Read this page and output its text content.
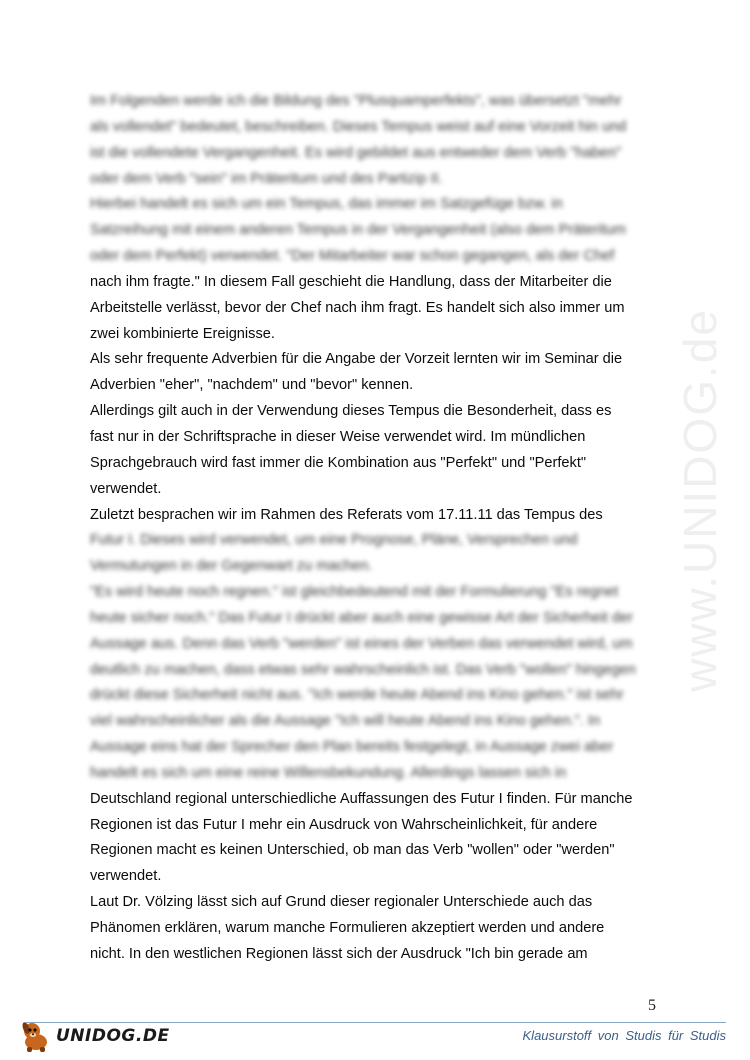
www.UNIDOG.de
Im Folgenden werde ich die Bildung des "Plusquamperfekts", was übersetzt "mehr
als vollendet" bedeutet, beschreiben. Dieses Tempus weist auf eine Vorzeit hin und
ist die vollendete Vergangenheit. Es wird gebildet aus entweder dem Verb "haben"
oder dem Verb "sein" im Präteritum und des Partizip II.
Hierbei handelt es sich um ein Tempus, das immer im Satzgefüge bzw. in
Satzreihung mit einem anderen Tempus in der Vergangenheit (also dem Präteritum
oder dem Perfekt) verwendet. "Der Mitarbeiter war schon gegangen, als der Chef
nach ihm fragte." In diesem Fall geschieht die Handlung, dass der Mitarbeiter die
Arbeitstelle verlässt, bevor der Chef nach ihm fragt. Es handelt sich also immer um
zwei kombinierte Ereignisse.
Als sehr frequente Adverbien für die Angabe der Vorzeit lernten wir im Seminar die
Adverbien "eher", "nachdem" und "bevor" kennen.
Allerdings gilt auch in der Verwendung dieses Tempus die Besonderheit, dass es
fast nur in der Schriftsprache in dieser Weise verwendet wird. Im mündlichen
Sprachgebrauch wird fast immer die Kombination aus "Perfekt" und "Perfekt"
verwendet.
Zuletzt besprachen wir im Rahmen des Referats vom 17.11.11 das Tempus des
Futur I. Dieses wird verwendet, um eine Prognose, Pläne, Versprechen und
Vermutungen in der Gegenwart zu machen.
"Es wird heute noch regnen." ist gleichbedeutend mit der Formulierung "Es regnet
heute sicher noch." Das Futur I drückt aber auch eine gewisse Art der Sicherheit der
Aussage aus. Denn das Verb "werden" ist eines der Verben das verwendet wird, um
deutlich zu machen, dass etwas sehr wahrscheinlich ist. Das Verb "wollen" hingegen
drückt diese Sicherheit nicht aus. "Ich werde heute Abend ins Kino gehen." ist sehr
viel wahrscheinlicher als die Aussage "Ich will heute Abend ins Kino gehen.". In
Aussage eins hat der Sprecher den Plan bereits festgelegt, in Aussage zwei aber
handelt es sich um eine reine Willensbekundung. Allerdings lassen sich in
Deutschland regional unterschiedliche Auffassungen des Futur I finden. Für manche
Regionen ist das Futur I mehr ein Ausdruck von Wahrscheinlichkeit, für andere
Regionen macht es keinen Unterschied, ob man das Verb "wollen" oder "werden"
verwendet.
Laut Dr. Völzing lässt sich auf Grund dieser regionaler Unterschiede auch das
Phänomen erklären, warum manche Formulieren akzeptiert werden und andere
nicht. In den westlichen Regionen lässt sich der Ausdruck "Ich bin gerade am
5
UNIDOG.DE	Klausurstoff von Studis für Studis
